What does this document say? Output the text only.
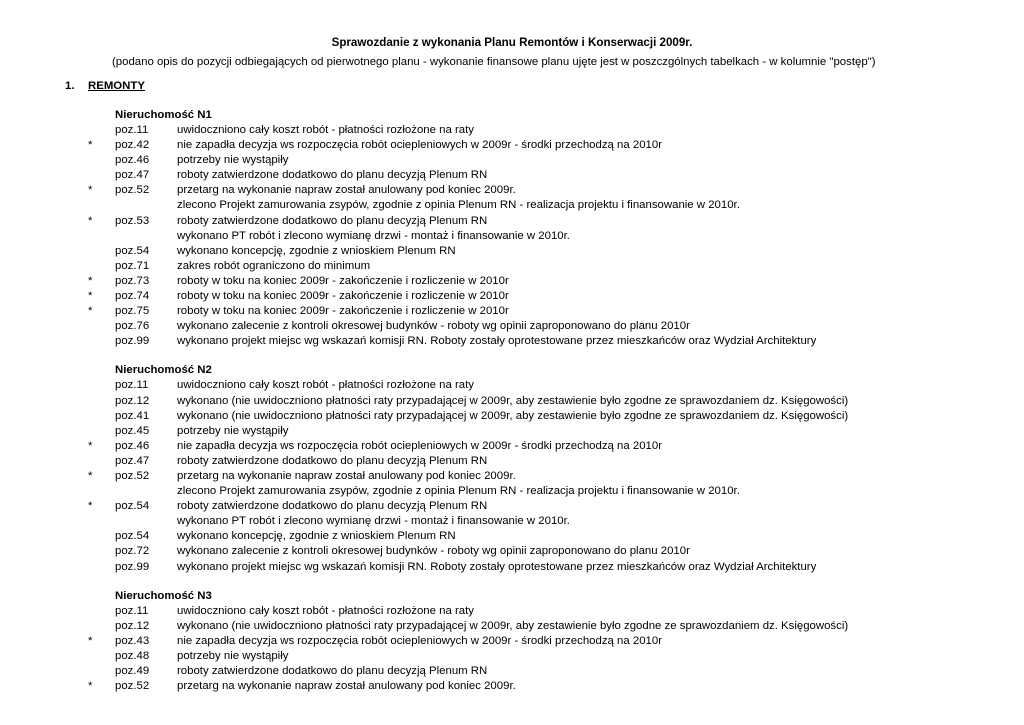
Sprawozdanie z wykonania Planu Remontów i Konserwacji 2009r.
(podano opis do pozycji odbiegających od pierwotnego planu - wykonanie finansowe planu ujęte jest w poszczgólnych tabelkach - w kolumnie "postęp")
1. REMONTY
Nieruchomość N1
poz.11	uwidoczniono cały koszt robót - płatności rozłożone na raty
* poz.42 nie zapadła decyzja ws rozpoczęcia robót ociepleniowych w 2009r - środki przechodzą na 2010r
poz.46 potrzeby nie wystąpiły
poz.47 roboty zatwierdzone dodatkowo do planu decyzją Plenum RN
* poz.52 przetarg na wykonanie napraw został anulowany pod koniec 2009r.
zlecono Projekt zamurowania zsypów, zgodnie z opinia Plenum RN - realizacja projektu i finansowanie w 2010r.
* poz.53 roboty zatwierdzone dodatkowo do planu decyzją Plenum RN
wykonano PT robót i zlecono wymianę drzwi - montaż i finansowanie w 2010r.
poz.54 wykonano koncepcję, zgodnie z wnioskiem Plenum RN
poz.71 zakres robót ograniczono do minimum
* poz.73 roboty w toku na koniec 2009r - zakończenie i rozliczenie w 2010r
* poz.74 roboty w toku na koniec 2009r - zakończenie i rozliczenie w 2010r
* poz.75 roboty w toku na koniec 2009r - zakończenie i rozliczenie w 2010r
poz.76 wykonano zalecenie z kontroli okresowej budynków - roboty wg opinii zaproponowano do planu 2010r
poz.99 wykonano projekt miejsc wg wskazań komisji RN. Roboty zostały oprotestowane przez mieszkańców oraz Wydział Architektury
Nieruchomość N2
poz.11	uwidoczniono cały koszt robót - płatności rozłożone na raty
poz.12 wykonano (nie uwidoczniono płatności raty przypadającej w 2009r, aby zestawienie było zgodne ze sprawozdaniem dz. Księgowości)
poz.41 wykonano (nie uwidoczniono płatności raty przypadającej w 2009r, aby zestawienie było zgodne ze sprawozdaniem dz. Księgowości)
poz.45 potrzeby nie wystąpiły
* poz.46 nie zapadła decyzja ws rozpoczęcia robót ociepleniowych w 2009r - środki przechodzą na 2010r
poz.47 roboty zatwierdzone dodatkowo do planu decyzją Plenum RN
* poz.52 przetarg na wykonanie napraw został anulowany pod koniec 2009r.
zlecono Projekt zamurowania zsypów, zgodnie z opinia Plenum RN - realizacja projektu i finansowanie w 2010r.
* poz.54 roboty zatwierdzone dodatkowo do planu decyzją Plenum RN
wykonano PT robót i zlecono wymianę drzwi - montaż i finansowanie w 2010r.
poz.54 wykonano koncepcję, zgodnie z wnioskiem Plenum RN
poz.72 wykonano zalecenie z kontroli okresowej budynków - roboty wg opinii zaproponowano do planu 2010r
poz.99 wykonano projekt miejsc wg wskazań komisji RN. Roboty zostały oprotestowane przez mieszkańców oraz Wydział Architektury
Nieruchomość N3
poz.11	uwidoczniono cały koszt robót - płatności rozłożone na raty
poz.12 wykonano (nie uwidoczniono płatności raty przypadającej w 2009r, aby zestawienie było zgodne ze sprawozdaniem dz. Księgowości)
* poz.43 nie zapadła decyzja ws rozpoczęcia robót ociepleniowych w 2009r - środki przechodzą na 2010r
poz.48 potrzeby nie wystąpiły
poz.49 roboty zatwierdzone dodatkowo do planu decyzją Plenum RN
* poz.52 przetarg na wykonanie napraw został anulowany pod koniec 2009r.
